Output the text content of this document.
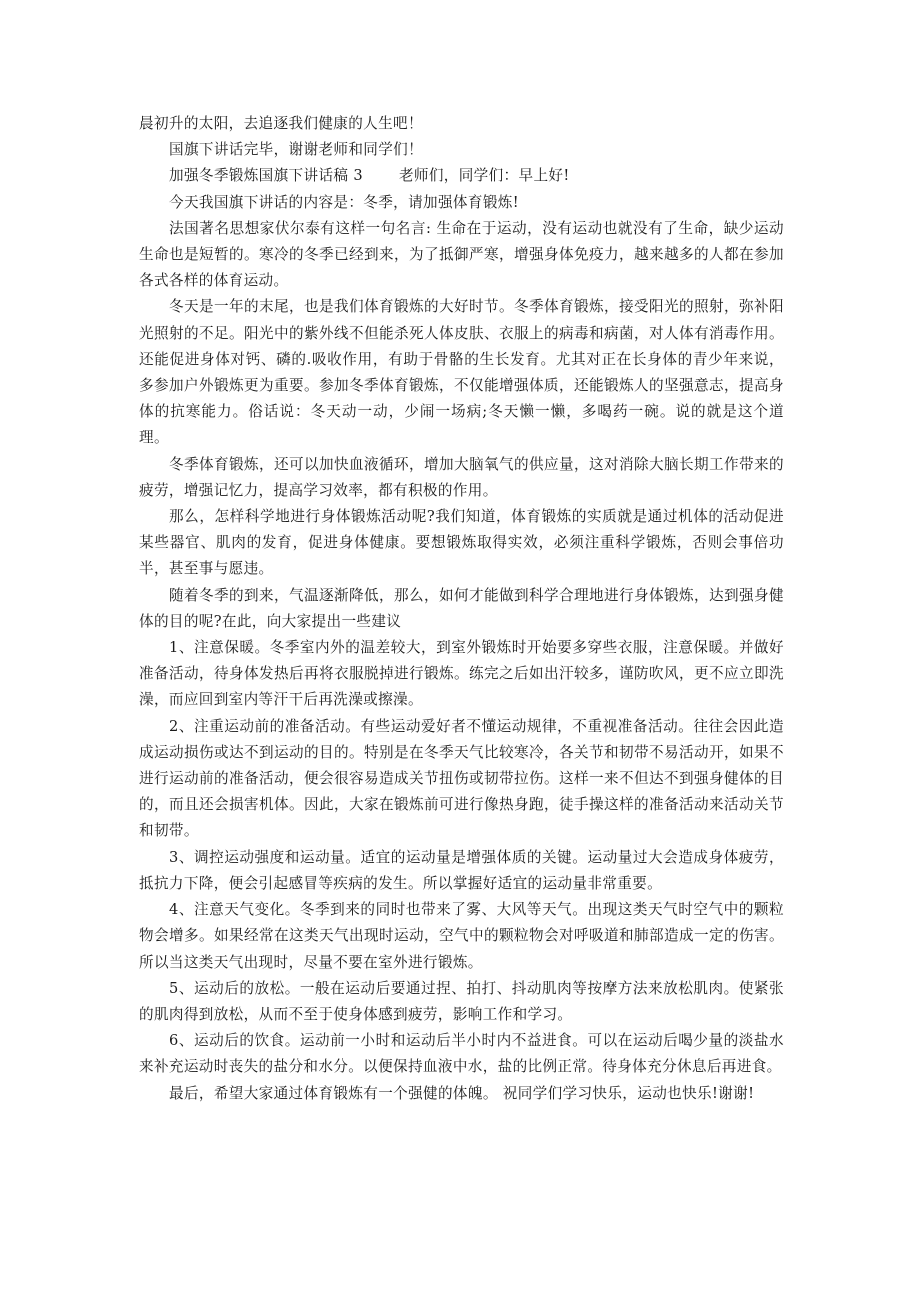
晨初升的太阳，去追逐我们健康的人生吧！

国旗下讲话完毕，谢谢老师和同学们！

加强冬季锻炼国旗下讲话稿 3 老师们，同学们：早上好!

今天我国旗下讲话的内容是：冬季，请加强体育锻炼!

法国著名思想家伏尔泰有这样一句名言: 生命在于运动，没有运动也就没有了生命，缺少运动生命也是短暂的。寒冷的冬季已经到来，为了抵御严寒，增强身体免疫力，越来越多的人都在参加各式各样的体育运动。

冬天是一年的末尾，也是我们体育锻炼的大好时节。冬季体育锻炼，接受阳光的照射，弥补阳光照射的不足。阳光中的紫外线不但能杀死人体皮肤、衣服上的病毒和病菌，对人体有消毒作用。还能促进身体对钙、磷的.吸收作用，有助于骨骼的生长发育。尤其对正在长身体的青少年来说，多参加户外锻炼更为重要。参加冬季体育锻炼，不仅能增强体质，还能锻炼人的坚强意志，提高身体的抗寒能力。俗话说：冬天动一动，少闹一场病;冬天懒一懒，多喝药一碗。说的就是这个道理。

冬季体育锻炼，还可以加快血液循环，增加大脑氧气的供应量，这对消除大脑长期工作带来的疲劳，增强记忆力，提高学习效率，都有积极的作用。

那么，怎样科学地进行身体锻炼活动呢?我们知道，体育锻炼的实质就是通过机体的活动促进某些器官、肌肉的发育，促进身体健康。要想锻炼取得实效，必须注重科学锻炼，否则会事倍功半，甚至事与愿违。

随着冬季的到来，气温逐渐降低，那么，如何才能做到科学合理地进行身体锻炼，达到强身健体的目的呢?在此，向大家提出一些建议

1、注意保暖。冬季室内外的温差较大，到室外锻炼时开始要多穿些衣服，注意保暖。并做好准备活动，待身体发热后再将衣服脱掉进行锻炼。练完之后如出汗较多，谨防吹风，更不应立即洗澡，而应回到室内等汗干后再洗澡或擦澡。

2、注重运动前的准备活动。有些运动爱好者不懂运动规律，不重视准备活动。往往会因此造成运动损伤或达不到运动的目的。特别是在冬季天气比较寒冷，各关节和韧带不易活动开，如果不进行运动前的准备活动，便会很容易造成关节扭伤或韧带拉伤。这样一来不但达不到强身健体的目的，而且还会损害机体。因此，大家在锻炼前可进行像热身跑，徒手操这样的准备活动来活动关节和韧带。

3、调控运动强度和运动量。适宜的运动量是增强体质的关键。运动量过大会造成身体疲劳，抵抗力下降，便会引起感冒等疾病的发生。所以掌握好适宜的运动量非常重要。

4、注意天气变化。冬季到来的同时也带来了雾、大风等天气。出现这类天气时空气中的颗粒物会增多。如果经常在这类天气出现时运动，空气中的颗粒物会对呼吸道和肺部造成一定的伤害。所以当这类天气出现时，尽量不要在室外进行锻炼。

5、运动后的放松。一般在运动后要通过捏、拍打、抖动肌肉等按摩方法来放松肌肉。使紧张的肌肉得到放松，从而不至于使身体感到疲劳，影响工作和学习。

6、运动后的饮食。运动前一小时和运动后半小时内不益进食。可以在运动后喝少量的淡盐水来补充运动时丧失的盐分和水分。以便保持血液中水，盐的比例正常。待身体充分休息后再进食。

最后，希望大家通过体育锻炼有一个强健的体魄。 祝同学们学习快乐，运动也快乐!谢谢!
